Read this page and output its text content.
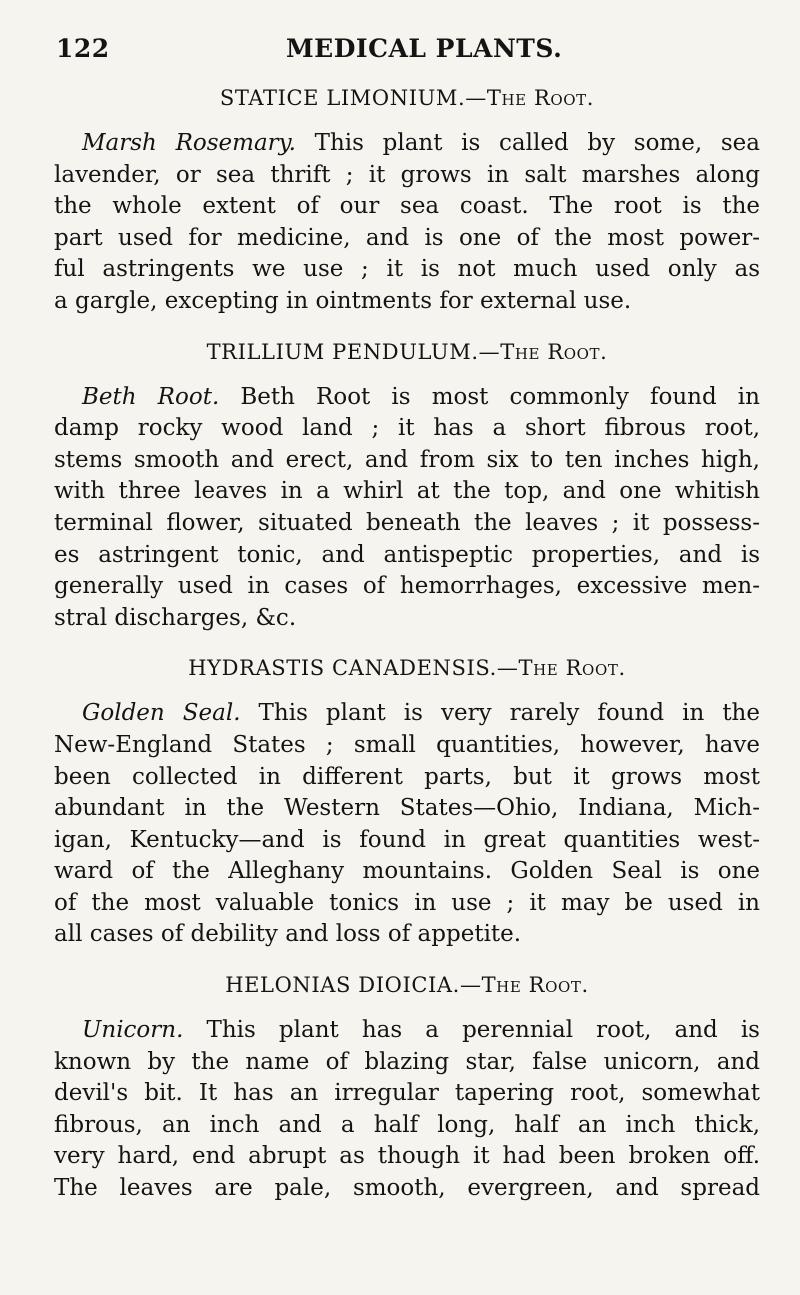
122	MEDICAL PLANTS.
STATICE LIMONIUM.—The Root.

Marsh Rosemary. This plant is called by some, sea
lavender, or sea thrift ; it grows in salt marshes along
the whole extent of our sea coast. The root is the
part used for medicine, and is one of the most power-
ful astringents we use ; it is not much used only as
a gargle, excepting in ointments for external use.

TRILLIUM PENDULUM.—The Root.

Beth Root. Beth Root is most commonly found in
damp rocky wood land ; it has a short fibrous root,
stems smooth and erect, and from six to ten inches high,
with three leaves in a whirl at the top, and one whitish
terminal flower, situated beneath the leaves ; it possess-
es astringent tonic, and antispeptic properties, and is
generally used in cases of hemorrhages, excessive men-
stral discharges, &c.

HYDRASTIS CANADENSIS.—The Root.

Golden Seal. This plant is very rarely found in the
New-England States ; small quantities, however, have
been collected in different parts, but it grows most
abundant in the Western States—Ohio, Indiana, Mich-
igan, Kentucky—and is found in great quantities west-
ward of the Alleghany mountains. Golden Seal is one
of the most valuable tonics in use ; it may be used in
all cases of debility and loss of appetite.

HELONIAS DIOICIA.—The Root.

Unicorn. This plant has a perennial root, and is
known by the name of blazing star, false unicorn, and
devil's bit. It has an irregular tapering root, somewhat
fibrous, an inch and a half long, half an inch thick,
very hard, end abrupt as though it had been broken off.
The leaves are pale, smooth, evergreen, and spread
